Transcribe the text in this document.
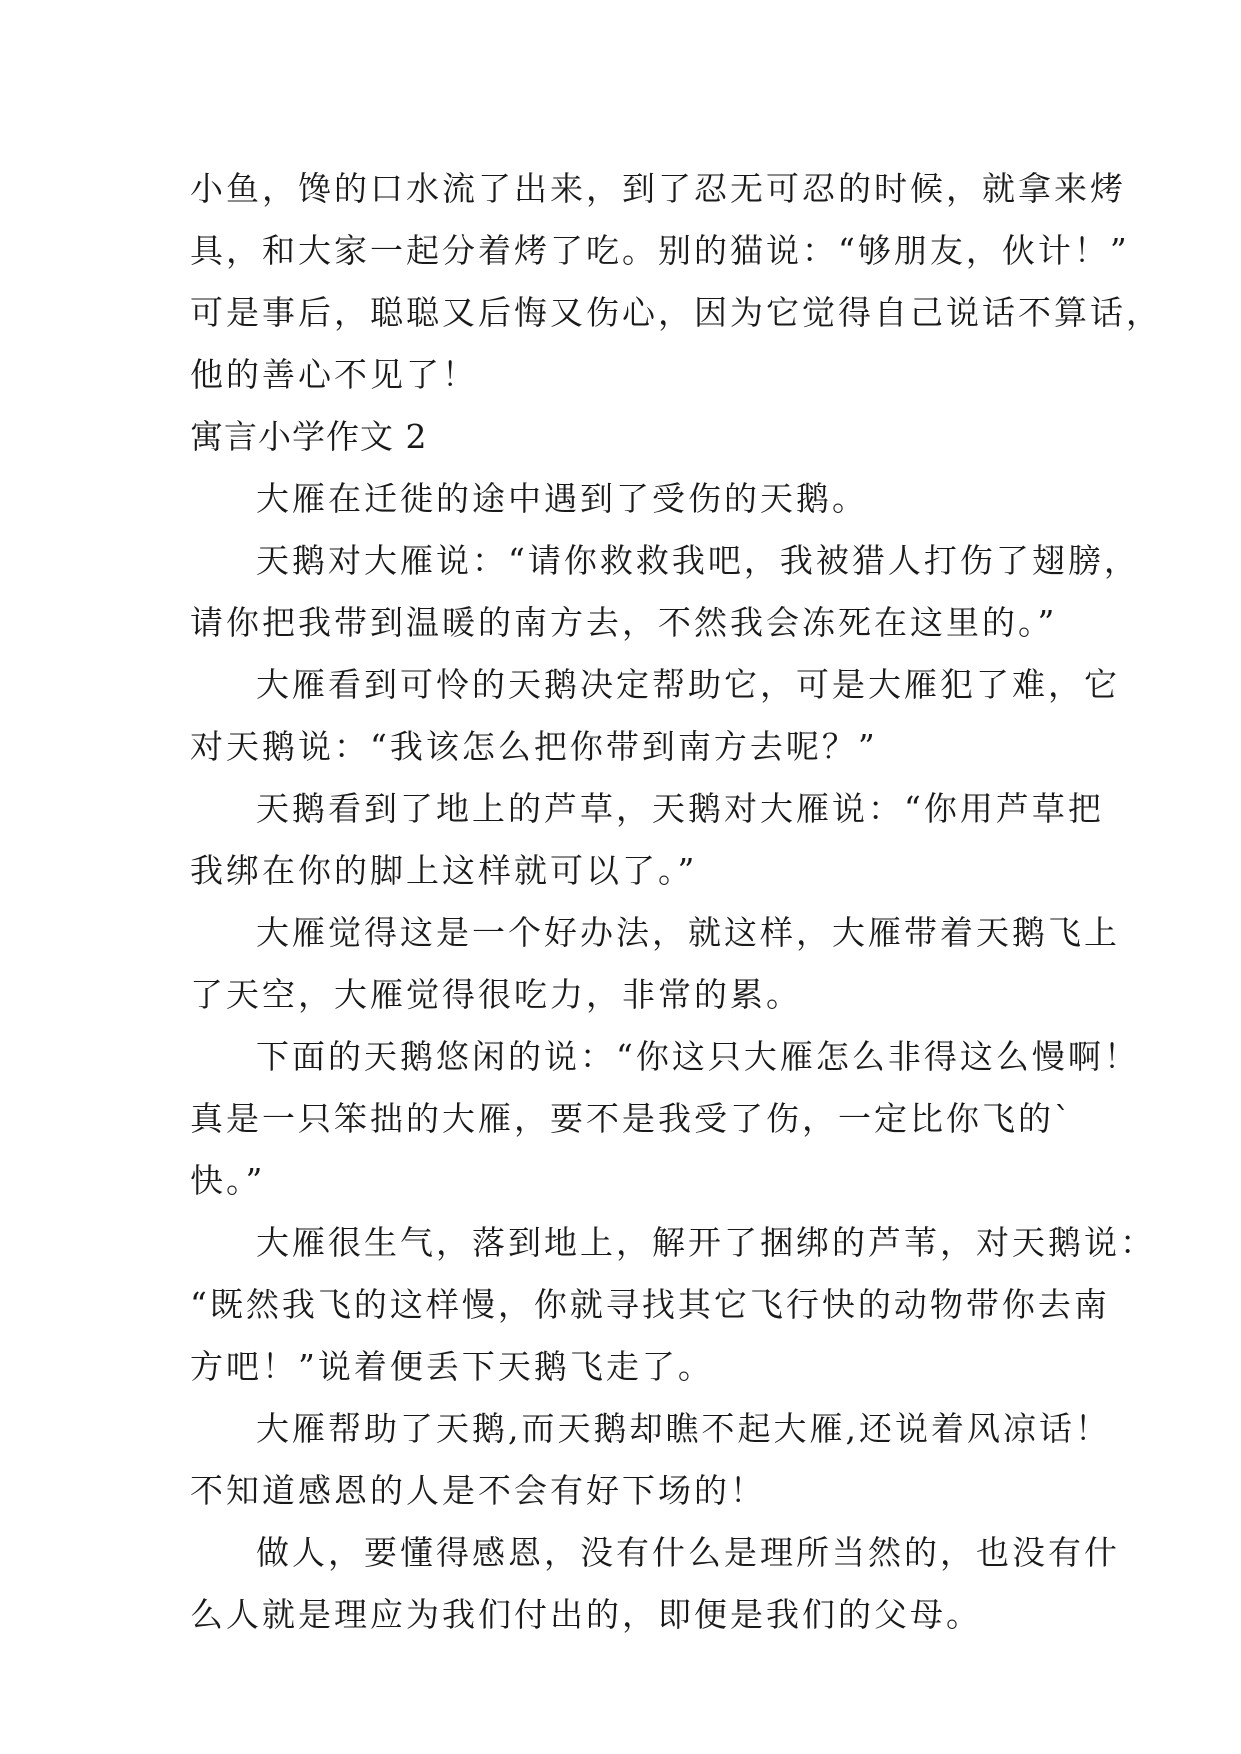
小鱼，馋的口水流了出来，到了忍无可忍的时候，就拿来烤
具，和大家一起分着烤了吃。别的猫说：“够朋友，伙计！”
可是事后，聪聪又后悔又伤心，因为它觉得自己说话不算话，
他的善心不见了！
寓言小学作文 2
大雁在迁徙的途中遇到了受伤的天鹅。
天鹅对大雁说：“请你救救我吧，我被猎人打伤了翅膀，
请你把我带到温暖的南方去，不然我会冻死在这里的。”
大雁看到可怜的天鹅决定帮助它，可是大雁犯了难，它
对天鹅说：“我该怎么把你带到南方去呢？”
天鹅看到了地上的芦草，天鹅对大雁说：“你用芦草把
我绑在你的脚上这样就可以了。”
大雁觉得这是一个好办法，就这样，大雁带着天鹅飞上
了天空，大雁觉得很吃力，非常的累。
下面的天鹅悠闲的说：“你这只大雁怎么非得这么慢啊！
真是一只笨拙的大雁，要不是我受了伤，一定比你飞的`
快。”
大雁很生气，落到地上，解开了捆绑的芦苇，对天鹅说：
“既然我飞的这样慢，你就寻找其它飞行快的动物带你去南
方吧！”说着便丢下天鹅飞走了。
大雁帮助了天鹅,而天鹅却瞧不起大雁,还说着风凉话！
不知道感恩的人是不会有好下场的！
做人，要懂得感恩，没有什么是理所当然的，也没有什
么人就是理应为我们付出的，即便是我们的父母。
